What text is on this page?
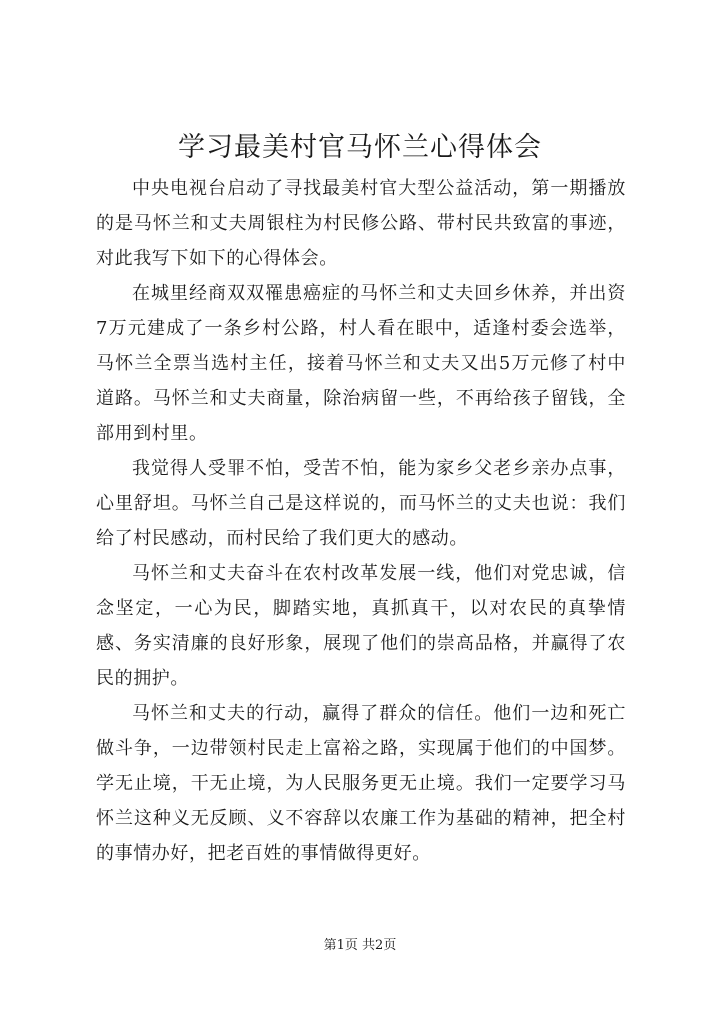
学习最美村官马怀兰心得体会

中央电视台启动了寻找最美村官大型公益活动，第一期播放的是马怀兰和丈夫周银柱为村民修公路、带村民共致富的事迹，对此我写下如下的心得体会。

在城里经商双双罹患癌症的马怀兰和丈夫回乡休养，并出资7万元建成了一条乡村公路，村人看在眼中，适逢村委会选举，马怀兰全票当选村主任，接着马怀兰和丈夫又出5万元修了村中道路。马怀兰和丈夫商量，除治病留一些，不再给孩子留钱，全部用到村里。

我觉得人受罪不怕，受苦不怕，能为家乡父老乡亲办点事，心里舒坦。马怀兰自己是这样说的，而马怀兰的丈夫也说：我们给了村民感动，而村民给了我们更大的感动。

马怀兰和丈夫奋斗在农村改革发展一线，他们对党忠诚，信念坚定，一心为民，脚踏实地，真抓真干，以对农民的真挚情感、务实清廉的良好形象，展现了他们的崇高品格，并赢得了农民的拥护。

马怀兰和丈夫的行动，赢得了群众的信任。他们一边和死亡做斗争，一边带领村民走上富裕之路，实现属于他们的中国梦。学无止境，干无止境，为人民服务更无止境。我们一定要学习马怀兰这种义无反顾、义不容辞以农廉工作为基础的精神，把全村的事情办好，把老百姓的事情做得更好。

第1页 共2页
